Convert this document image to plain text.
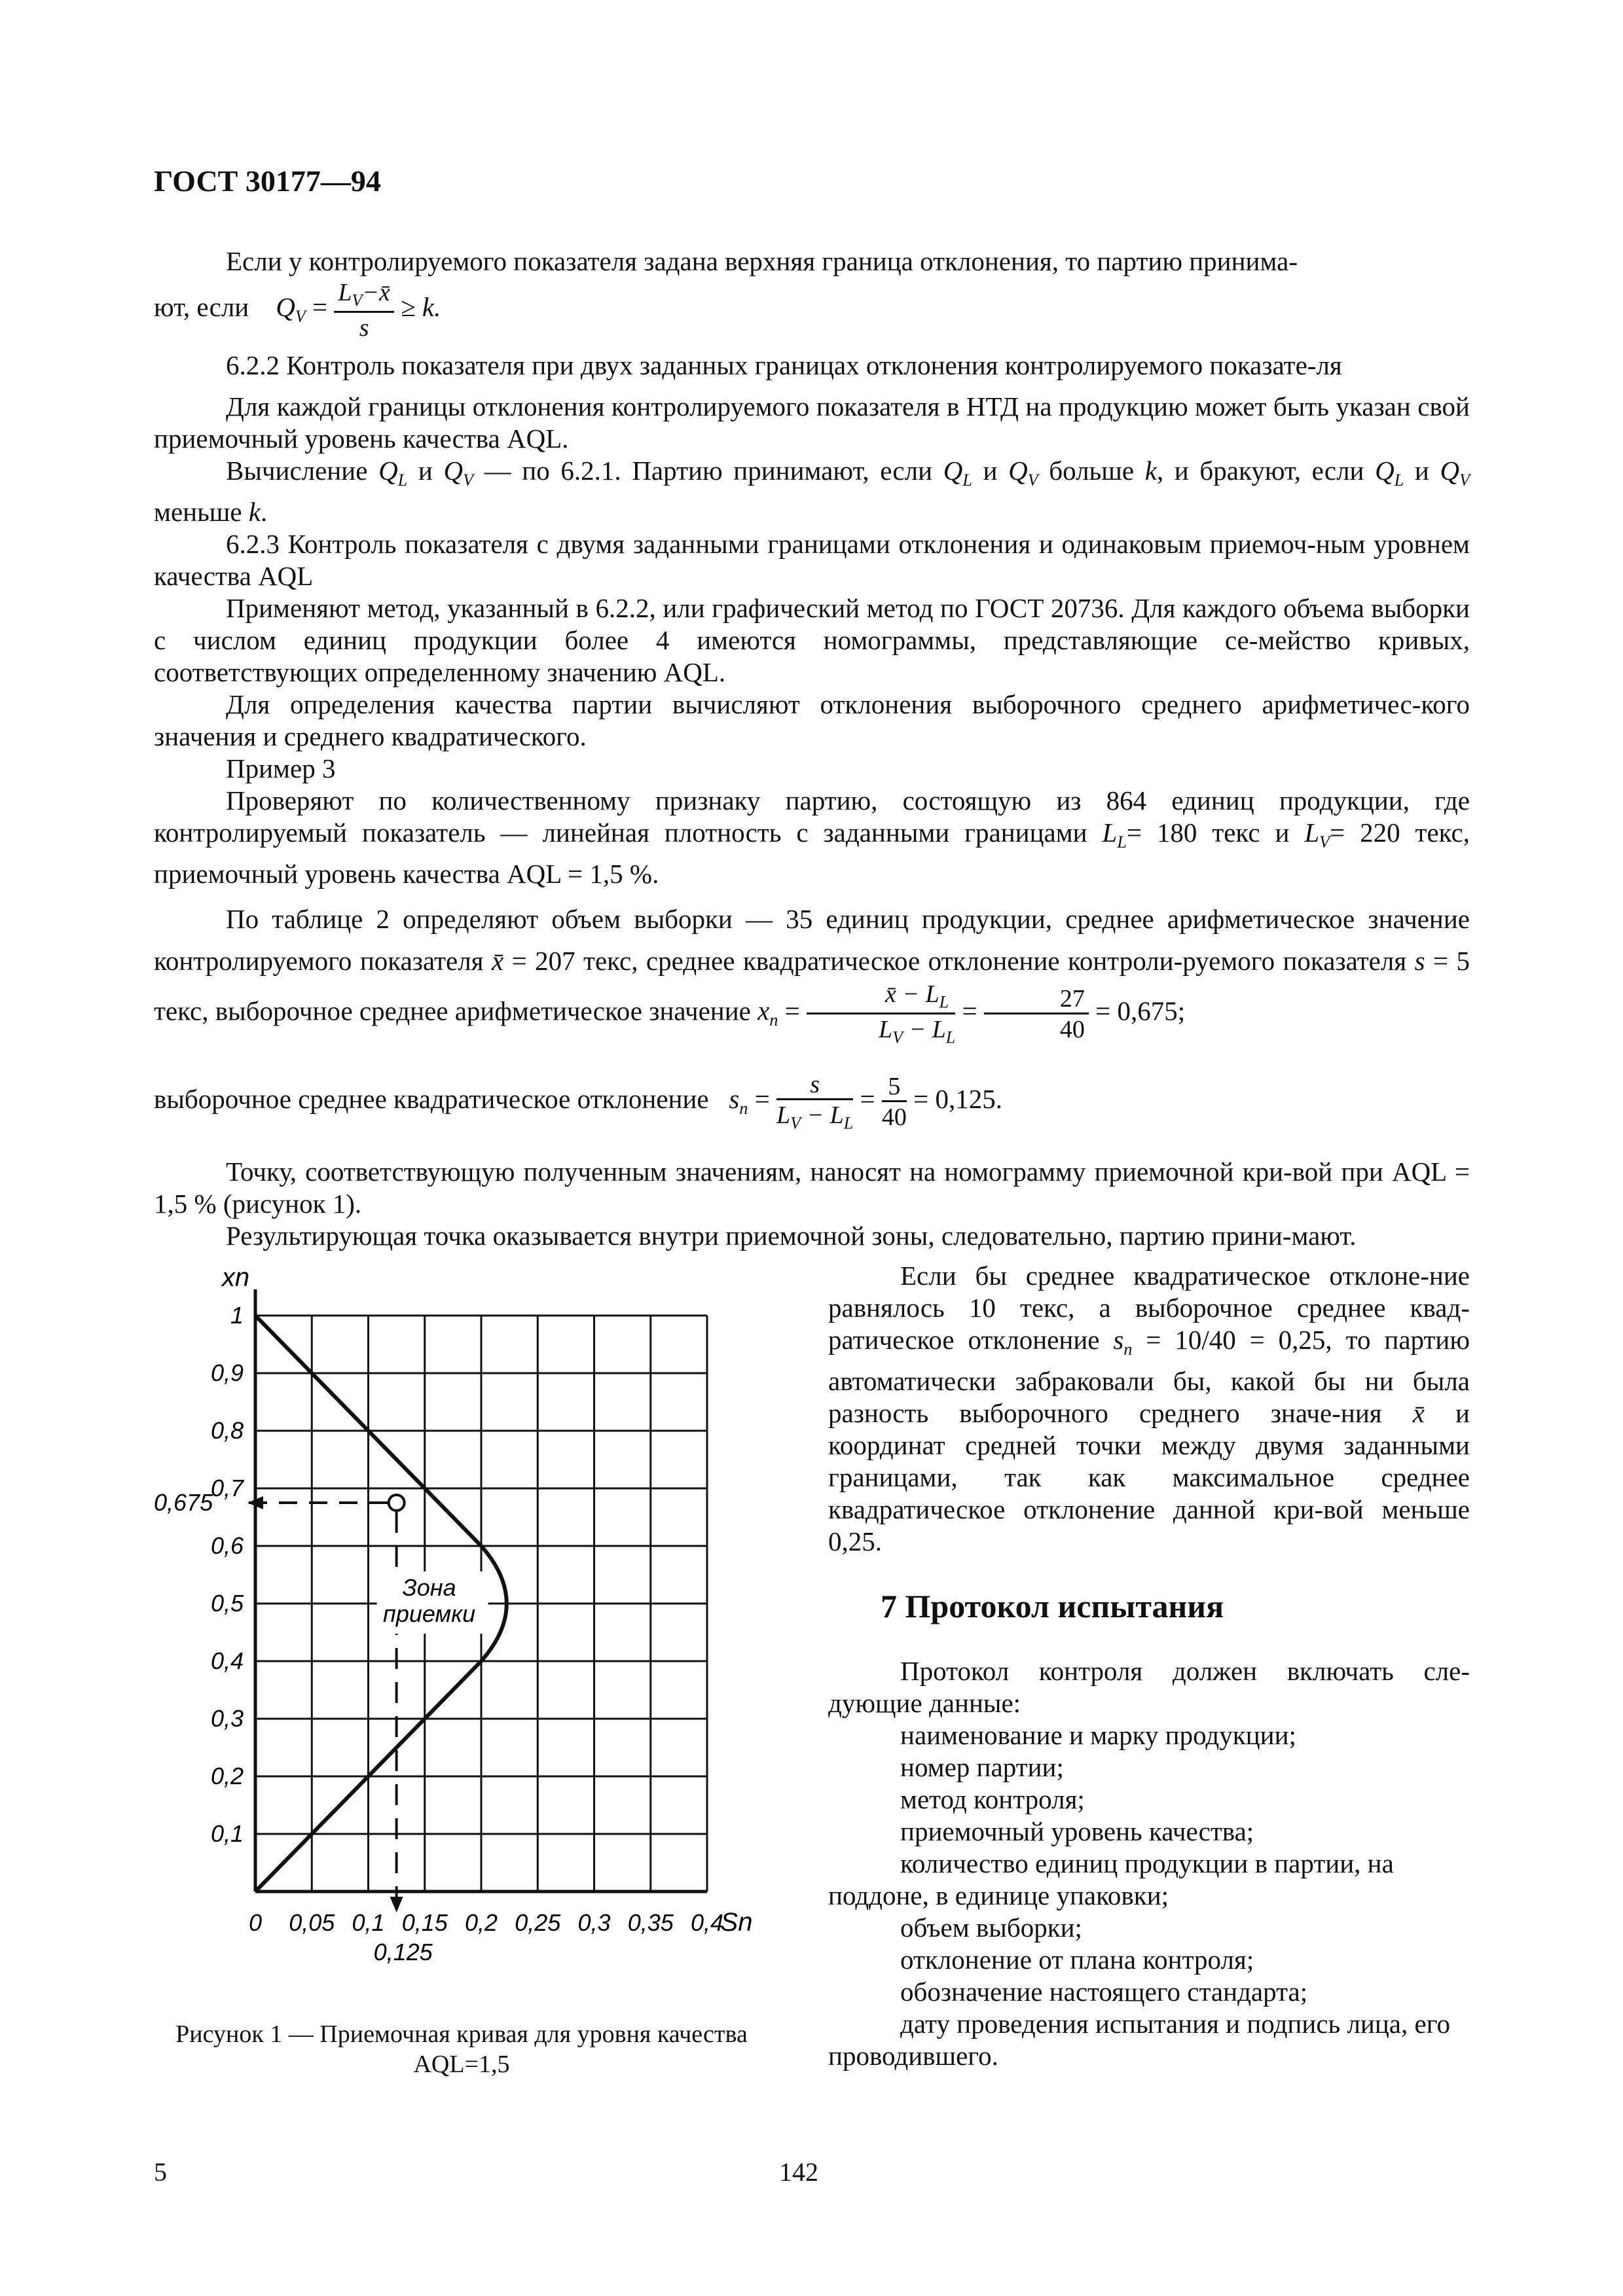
ГОСТ 30177—94

Если у контролируемого показателя задана верхняя граница отклонения, то партию принима-

ют, если $Q_V = \frac{L_V-x̄}{s} \ge k$.

6.2.2 Контроль показателя при двух заданных границах отклонения контролируемого показате-ля

Для каждой границы отклонения контролируемого показателя в НТД на продукцию может быть указан свой приемочный уровень качества AQL.

Вычисление $Q_L$ и $Q_V$ — по 6.2.1. Партию принимают, если $Q_L$ и $Q_V$ больше k, и бракуют, если $Q_L$ и $Q_V$ меньше k.

6.2.3 Контроль показателя с двумя заданными границами отклонения и одинаковым приемоч-ным уровнем качества AQL

Применяют метод, указанный в 6.2.2, или графический метод по ГОСТ 20736. Для каждого объема выборки с числом единиц продукции более 4 имеются номограммы, представляющие се-мейство кривых, соответствующих определенному значению AQL.

Для определения качества партии вычисляют отклонения выборочного среднего арифметичес-кого значения и среднего квадратического.

Пример 3

Проверяют по количественному признаку партию, состоящую из 864 единиц продукции, где контролируемый показатель — линейная плотность с заданными границами $L_L= 180$ текс и $L_V= 220$ текс, приемочный уровень качества AQL = 1,5 %.

По таблице 2 определяют объем выборки — 35 единиц продукции, среднее арифметическое значение контролируемого показателя x̄ = 207 текс, среднее квадратическое отклонение контроли-руемого показателя s = 5 текс, выборочное среднее арифметическое значение $x_n = \frac{x̄ - L_L}{L_V - L_L} = \frac{27}{40} = 0,675$;

выборочное среднее квадратическое отклонение $s_n = \frac{s}{L_V - L_L} = \frac{5}{40} = 0,125$.

Точку, соответствующую полученным значениям, наносят на номограмму приемочной кри-вой при AQL = 1,5 % (рисунок 1).

Результирующая точка оказывается внутри приемочной зоны, следовательно, партию прини-мают.

Зона
приемки
1
0,9
0,8
0,7
0,6
0,5
0,4
0,3
0,2
0,1
0 0,05 0,1 0,15 0,2 0,25 0,3 0,35 0,4
xn
Sn
0,675
0,125
Рисунок 1 — Приемочная кривая для уровня качества AQL=1,5

Если бы среднее квадратическое отклоне-ние равнялось 10 текс, а выборочное среднее квад-ратическое отклонение $s_n = 10/40 = 0,25$, то партию автоматически забраковали бы, какой бы ни была разность выборочного среднего значе-ния x̄ и координат средней точки между двумя заданными границами, так как максимальное среднее квадратическое отклонение данной кри-вой меньше 0,25.

7 Протокол испытания

Протокол контроля должен включать сле-дующие данные:

наименование и марку продукции;

номер партии;

метод контроля;

приемочный уровень качества;

количество единиц продукции в партии, на поддоне, в единице упаковки;

объем выборки;

отклонение от плана контроля;

обозначение настоящего стандарта;

дату проведения испытания и подпись лица, его проводившего.

5	142
